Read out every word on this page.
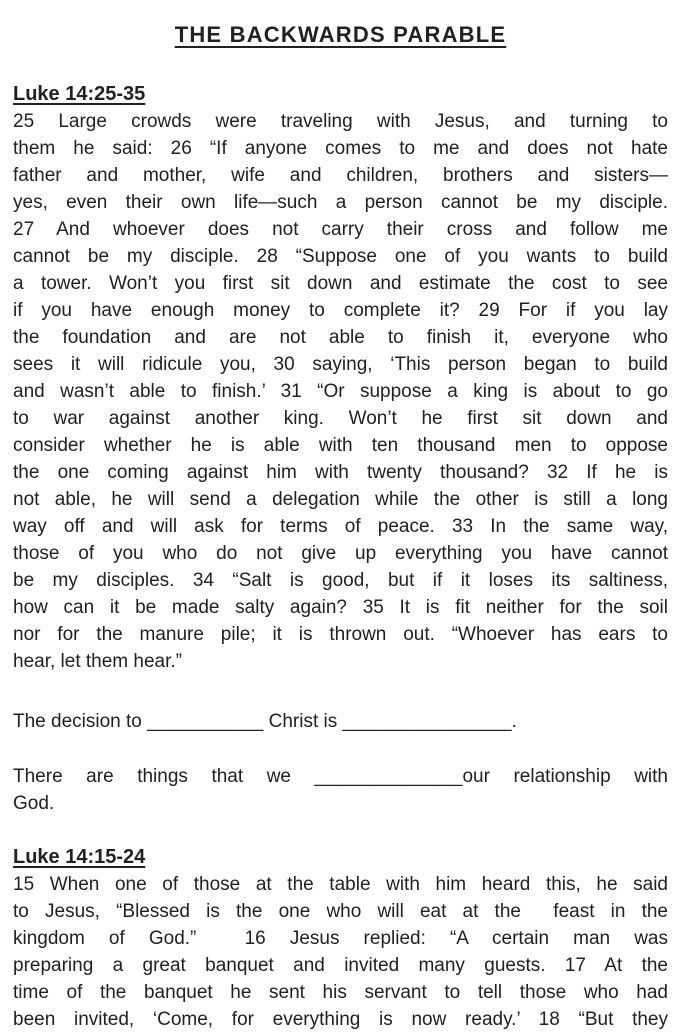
THE BACKWARDS PARABLE
Luke 14:25-35
25 Large crowds were traveling with Jesus, and turning to
them he said: 26 “If anyone comes to me and does not hate
father and mother, wife and children, brothers and sisters—
yes, even their own life—such a person cannot be my disciple.
27 And whoever does not carry their cross and follow me
cannot be my disciple. 28 “Suppose one of you wants to build
a tower. Won’t you first sit down and estimate the cost to see
if you have enough money to complete it? 29 For if you lay
the foundation and are not able to finish it, everyone who
sees it will ridicule you, 30 saying, ‘This person began to build
and wasn’t able to finish.’ 31 “Or suppose a king is about to go
to war against another king. Won’t he first sit down and
consider whether he is able with ten thousand men to oppose
the one coming against him with twenty thousand? 32 If he is
not able, he will send a delegation while the other is still a long
way off and will ask for terms of peace. 33 In the same way,
those of you who do not give up everything you have cannot
be my disciples. 34 “Salt is good, but if it loses its saltiness,
how can it be made salty again? 35 It is fit neither for the soil
nor for the manure pile; it is thrown out. “Whoever has ears to
hear, let them hear.”
The decision to ___________ Christ is ________________.
There are things that we ______________our relationship with
God.
Luke 14:15-24
15 When one of those at the table with him heard this, he said
to Jesus, “Blessed is the one who will eat at the  feast in the
kingdom of God.”  16 Jesus replied: “A certain man was
preparing a great banquet and invited many guests. 17 At the
time of the banquet he sent his servant to tell those who had
been invited, ‘Come, for everything is now ready.’ 18 “But they
